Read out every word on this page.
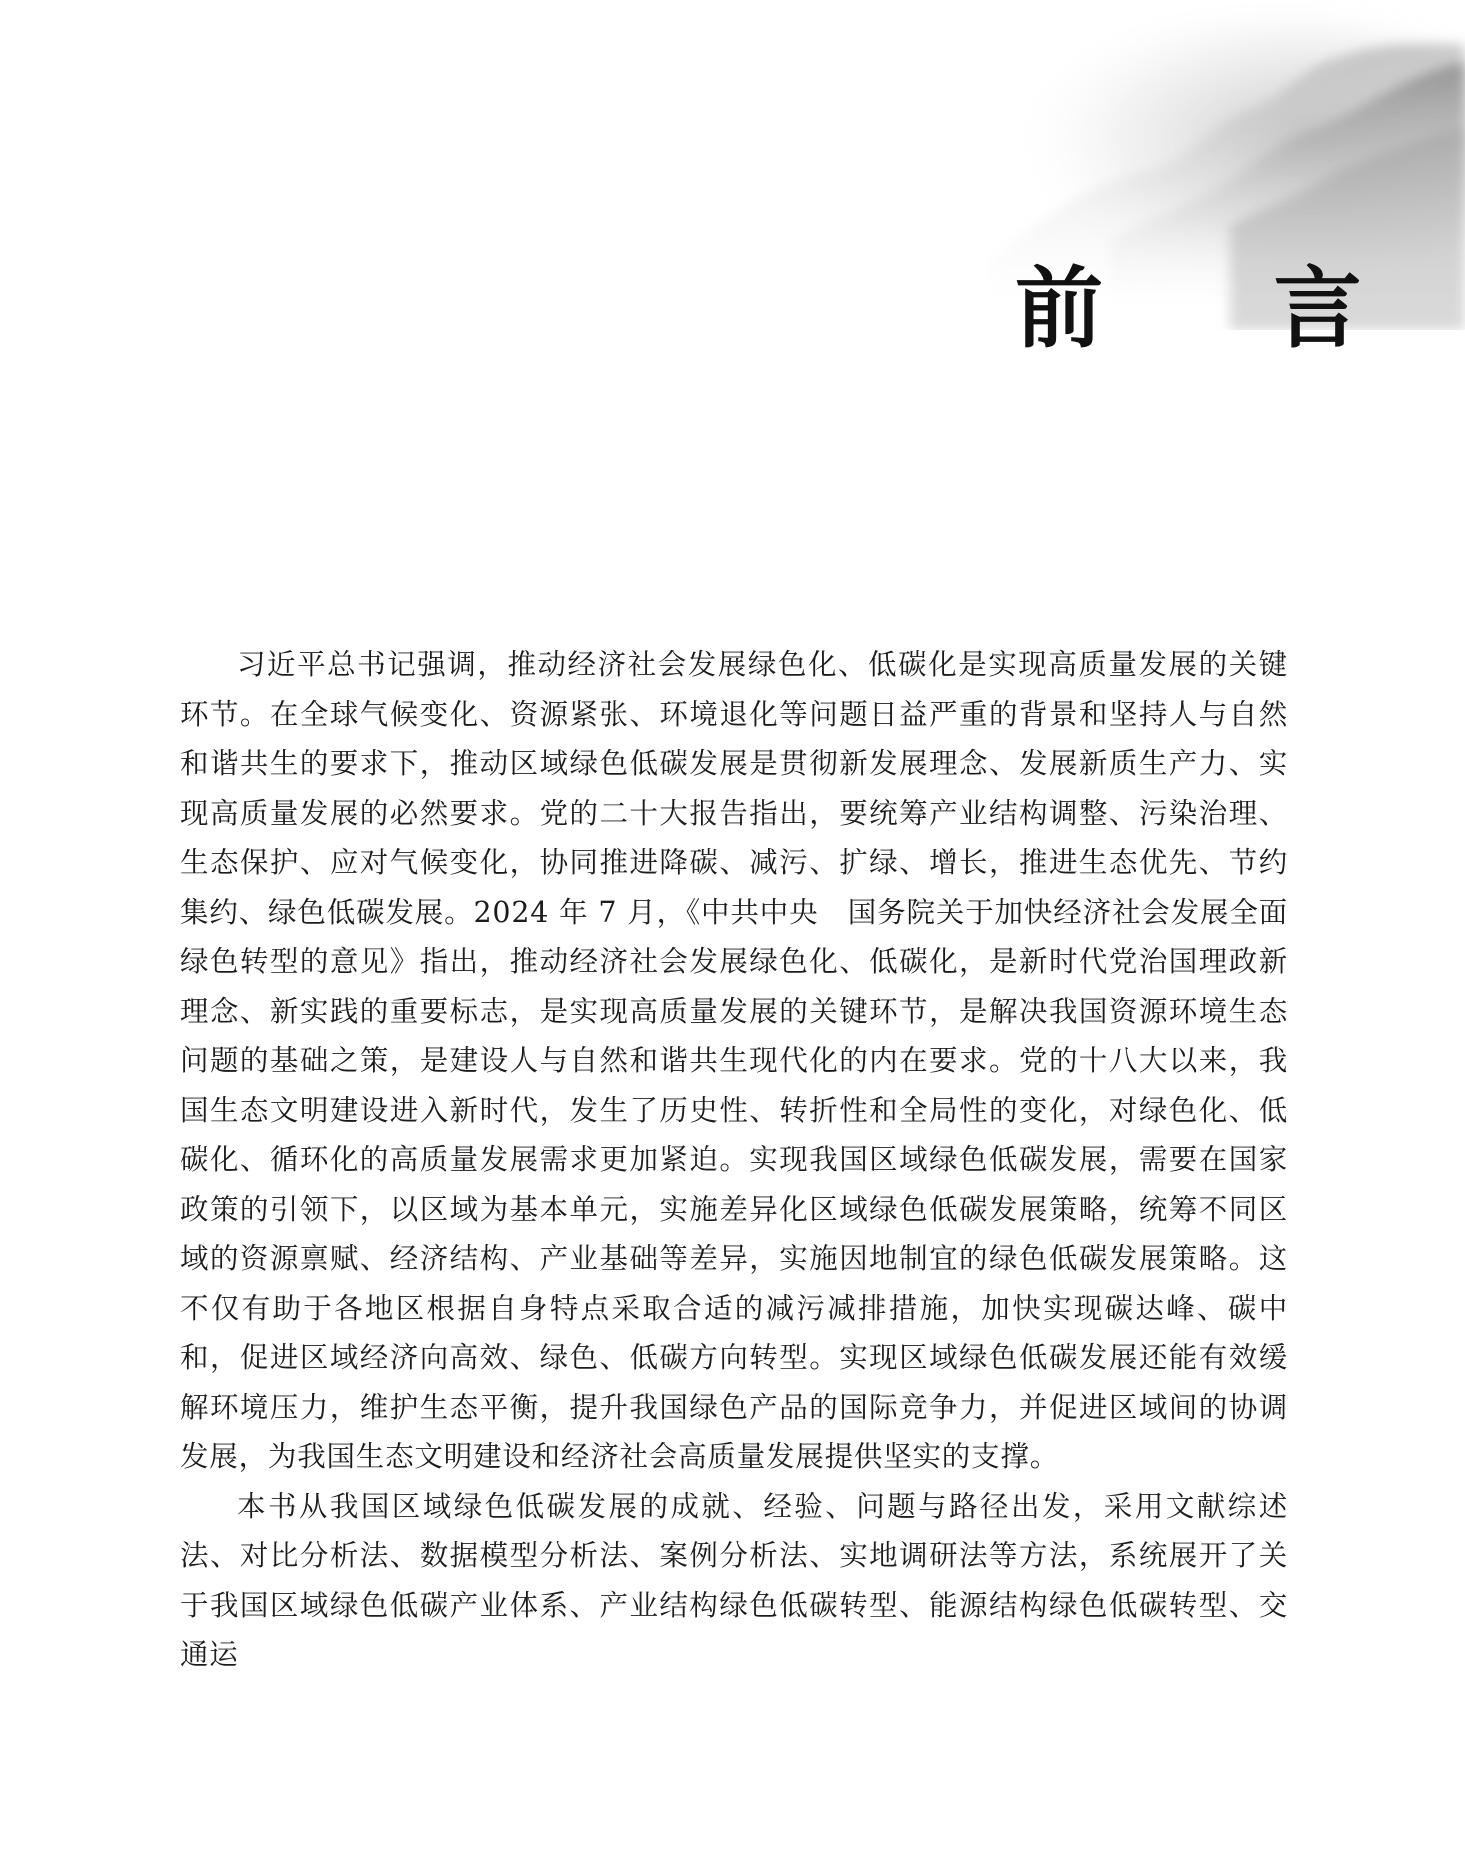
前 言

习近平总书记强调，推动经济社会发展绿色化、低碳化是实现高质量发展的关键环节。在全球气候变化、资源紧张、环境退化等问题日益严重的背景和坚持人与自然和谐共生的要求下，推动区域绿色低碳发展是贯彻新发展理念、发展新质生产力、实现高质量发展的必然要求。党的二十大报告指出，要统筹产业结构调整、污染治理、生态保护、应对气候变化，协同推进降碳、减污、扩绿、增长，推进生态优先、节约集约、绿色低碳发展。2024 年 7 月，《中共中央　国务院关于加快经济社会发展全面绿色转型的意见》指出，推动经济社会发展绿色化、低碳化，是新时代党治国理政新理念、新实践的重要标志，是实现高质量发展的关键环节，是解决我国资源环境生态问题的基础之策，是建设人与自然和谐共生现代化的内在要求。党的十八大以来，我国生态文明建设进入新时代，发生了历史性、转折性和全局性的变化，对绿色化、低碳化、循环化的高质量发展需求更加紧迫。实现我国区域绿色低碳发展，需要在国家政策的引领下，以区域为基本单元，实施差异化区域绿色低碳发展策略，统筹不同区域的资源禀赋、经济结构、产业基础等差异，实施因地制宜的绿色低碳发展策略。这不仅有助于各地区根据自身特点采取合适的减污减排措施，加快实现碳达峰、碳中和，促进区域经济向高效、绿色、低碳方向转型。实现区域绿色低碳发展还能有效缓解环境压力，维护生态平衡，提升我国绿色产品的国际竞争力，并促进区域间的协调发展，为我国生态文明建设和经济社会高质量发展提供坚实的支撑。

本书从我国区域绿色低碳发展的成就、经验、问题与路径出发，采用文献综述法、对比分析法、数据模型分析法、案例分析法、实地调研法等方法，系统展开了关于我国区域绿色低碳产业体系、产业结构绿色低碳转型、能源结构绿色低碳转型、交通运
